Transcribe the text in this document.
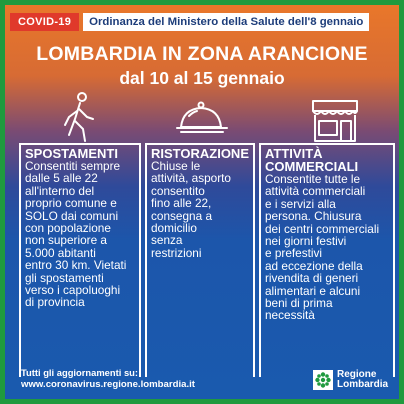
COVID-19	Ordinanza del Ministero della Salute dell'8 gennaio
LOMBARDIA IN ZONA ARANCIONE
dal 10 al 15 gennaio
SPOSTAMENTI

Consentiti sempre
dalle 5 alle 22
all'interno del
proprio comune e
SOLO dai comuni
con popolazione
non superiore a
5.000 abitanti
entro 30 km. Vietati
gli spostamenti
verso i capoluoghi
di provincia

RISTORAZIONE

Chiuse le
attività, asporto
consentito
fino alle 22,
consegna a
domicilio
senza
restrizioni

ATTIVITÀ
COMMERCIALI

Consentite tutte le
attività commerciali
e i servizi alla
persona. Chiusura
dei centri commerciali
nei giorni festivi
e prefestivi
ad eccezione della
rivendita di generi
alimentari e alcuni
beni di prima
necessità

Tutti gli aggiornamenti su:
www.coronavirus.regione.lombardia.it
Regione
Lombardia
